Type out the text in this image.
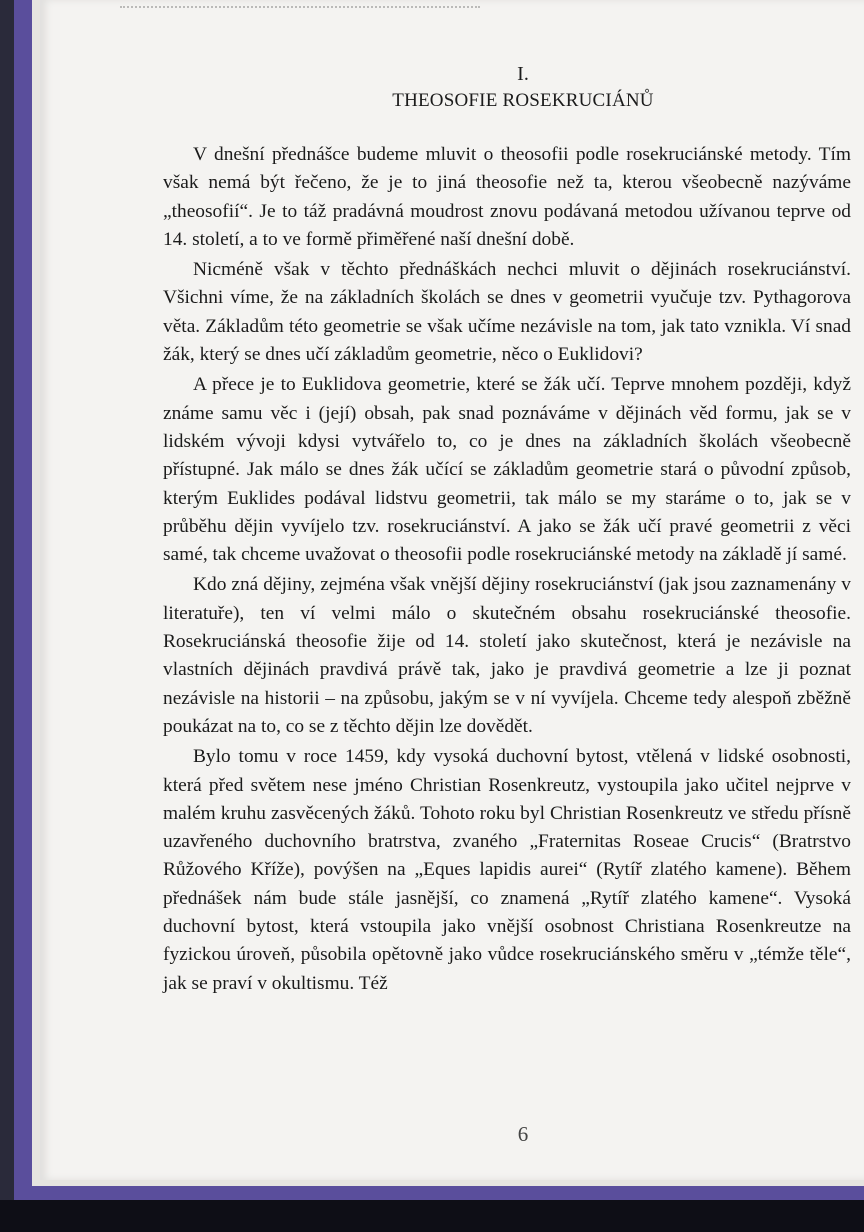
I.
THEOSOFIE ROSEKRUCIÁNŮ

V dnešní přednášce budeme mluvit o theosofii podle rosekruciánské metody. Tím však nemá být řečeno, že je to jiná theosofie než ta, kterou všeobecně nazýváme „theosofií“. Je to táž pradávná moudrost znovu podávaná metodou užívanou teprve od 14. století, a to ve formě přiměřené naší dnešní době.

Nicméně však v těchto přednáškách nechci mluvit o dějinách rosekruciánství. Všichni víme, že na základních školách se dnes v geometrii vyučuje tzv. Pythagorova věta. Základům této geometrie se však učíme nezávisle na tom, jak tato vznikla. Ví snad žák, který se dnes učí základům geometrie, něco o Euklidovi?

A přece je to Euklidova geometrie, které se žák učí. Teprve mnohem později, když známe samu věc i (její) obsah, pak snad poznáváme v dějinách věd formu, jak se v lidském vývoji kdysi vytvářelo to, co je dnes na základních školách všeobecně přístupné. Jak málo se dnes žák učící se základům geometrie stará o původní způsob, kterým Euklides podával lidstvu geometrii, tak málo se my staráme o to, jak se v průběhu dějin vyvíjelo tzv. rosekruciánství. A jako se žák učí pravé geometrii z věci samé, tak chceme uvažovat o theosofii podle rosekruciánské metody na základě jí samé.

Kdo zná dějiny, zejména však vnější dějiny rosekruciánství (jak jsou zaznamenány v literatuře), ten ví velmi málo o skutečném obsahu rosekruciánské theosofie. Rosekruciánská theosofie žije od 14. století jako skutečnost, která je nezávisle na vlastních dějinách pravdivá právě tak, jako je pravdivá geometrie a lze ji poznat nezávisle na historii – na způsobu, jakým se v ní vyvíjela. Chceme tedy alespoň zběžně poukázat na to, co se z těchto dějin lze dovědět.

Bylo tomu v roce 1459, kdy vysoká duchovní bytost, vtělená v lidské osobnosti, která před světem nese jméno Christian Rosenkreutz, vystoupila jako učitel nejprve v malém kruhu zasvěcených žáků. Tohoto roku byl Christian Rosenkreutz ve středu přísně uzavřeného duchovního bratrstva, zvaného „Fraternitas Roseae Crucis“ (Bratrstvo Růžového Kříže), povýšen na „Eques lapidis aurei“ (Rytíř zlatého kamene). Během přednášek nám bude stále jasnější, co znamená „Rytíř zlatého kamene“. Vysoká duchovní bytost, která vstoupila jako vnější osobnost Christiana Rosenkreutze na fyzickou úroveň, působila opětovně jako vůdce rosekruciánského směru v „témže těle“, jak se praví v okultismu. Též

6
